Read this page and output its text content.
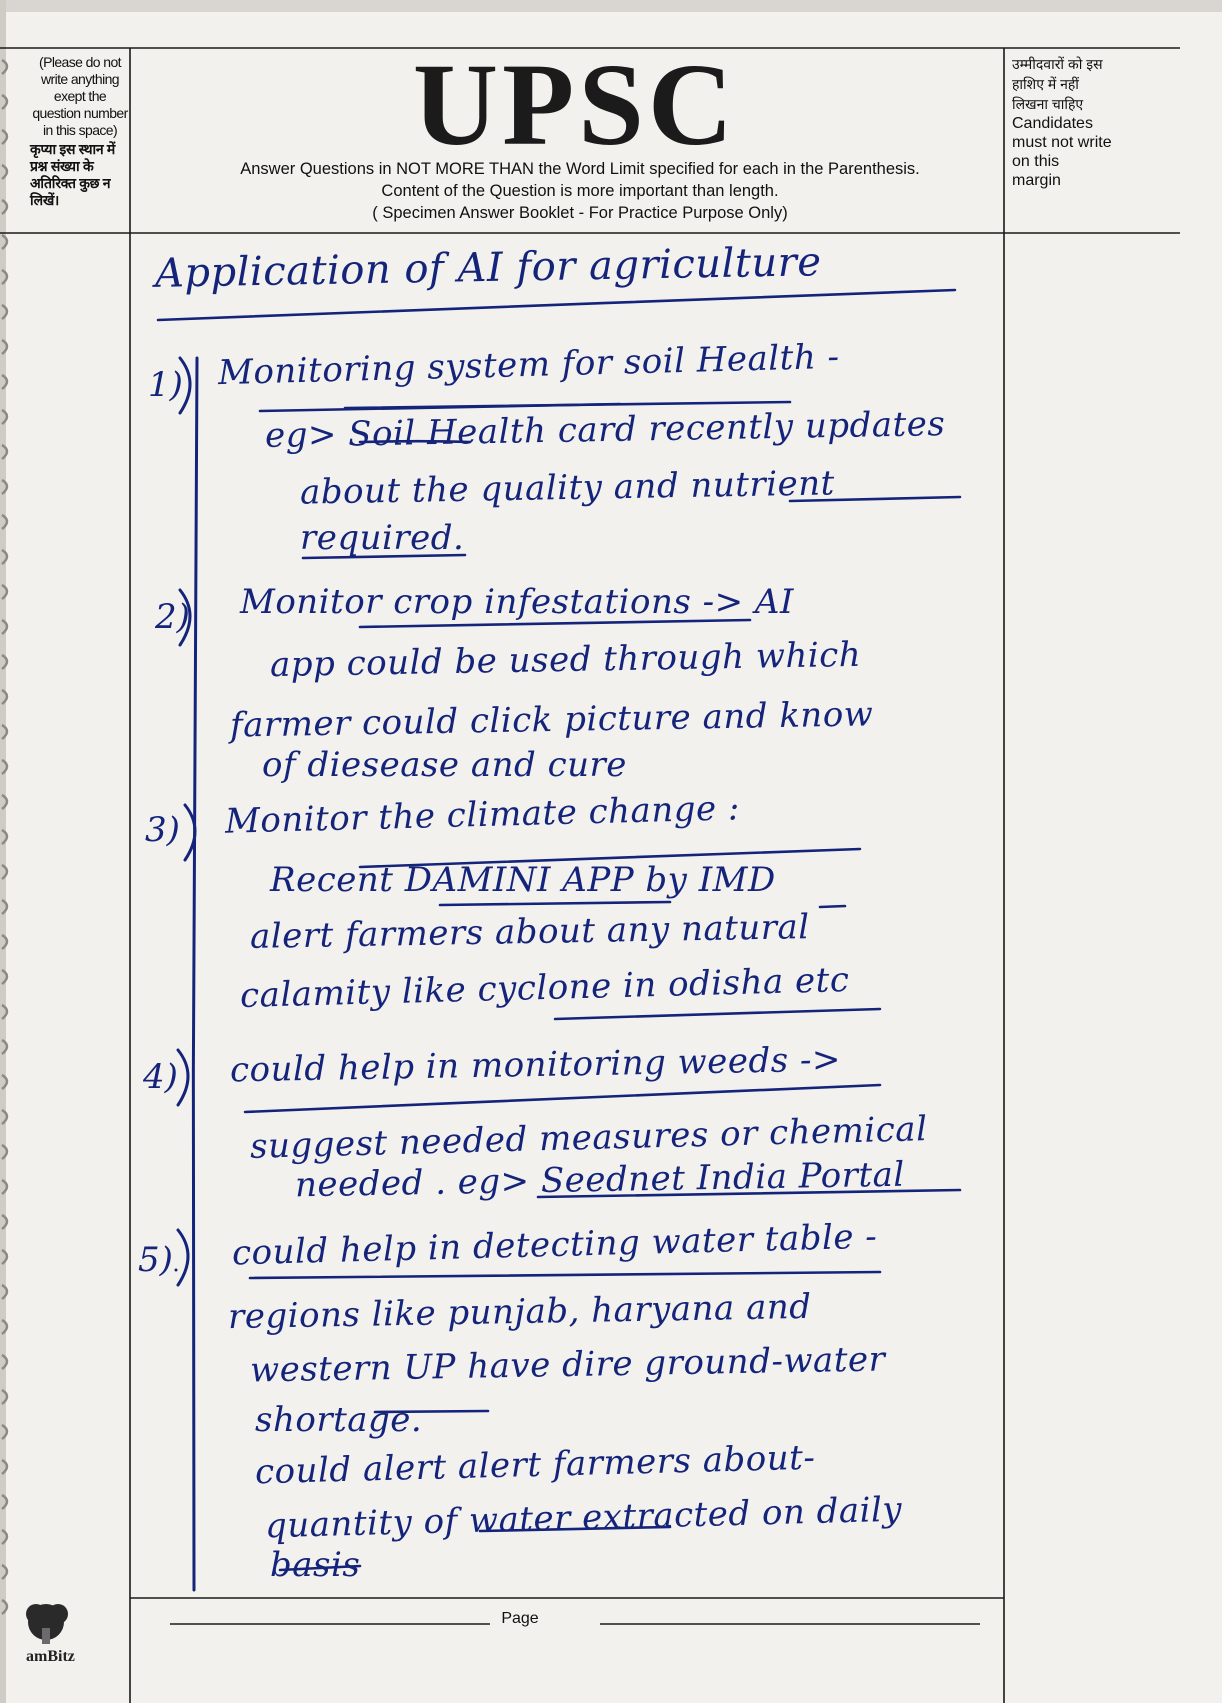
(Please do not write anything exept the question number in this space)
कृप्या इस स्थान में प्रश्न संख्या के अतिरिक्त कुछ न लिखें।
UPSC
Answer Questions in NOT MORE THAN the Word Limit specified for each in the Parenthesis.
Content of the Question is more important than length.
( Specimen Answer Booklet - For Practice Purpose Only)
उम्मीदवारों को इस हाशिए में नहीं लिखना चाहिए
Candidates must not write on this margin
Application of AI for agriculture
1) Monitoring system for soil Health -
eg> Soil Health card recently updates
about the quality and nutrient
required.
2) Monitor crop infestations -> AI
app could be used through which
farmer could click picture and know
of diesease and cure
3) Monitor the climate change :
Recent DAMINI APP by IMD
alert farmers about any natural
calamity like cyclone in odisha etc
4) could help in monitoring weeds ->
suggest needed measures or chemical
needed . eg> Seednet India Portal
5) could help in detecting water table -
regions like punjab, haryana and
western UP have dire ground-water
shortage.
could alert alert farmers about-
quantity of water extracted on daily
basis
Page
amBitz
